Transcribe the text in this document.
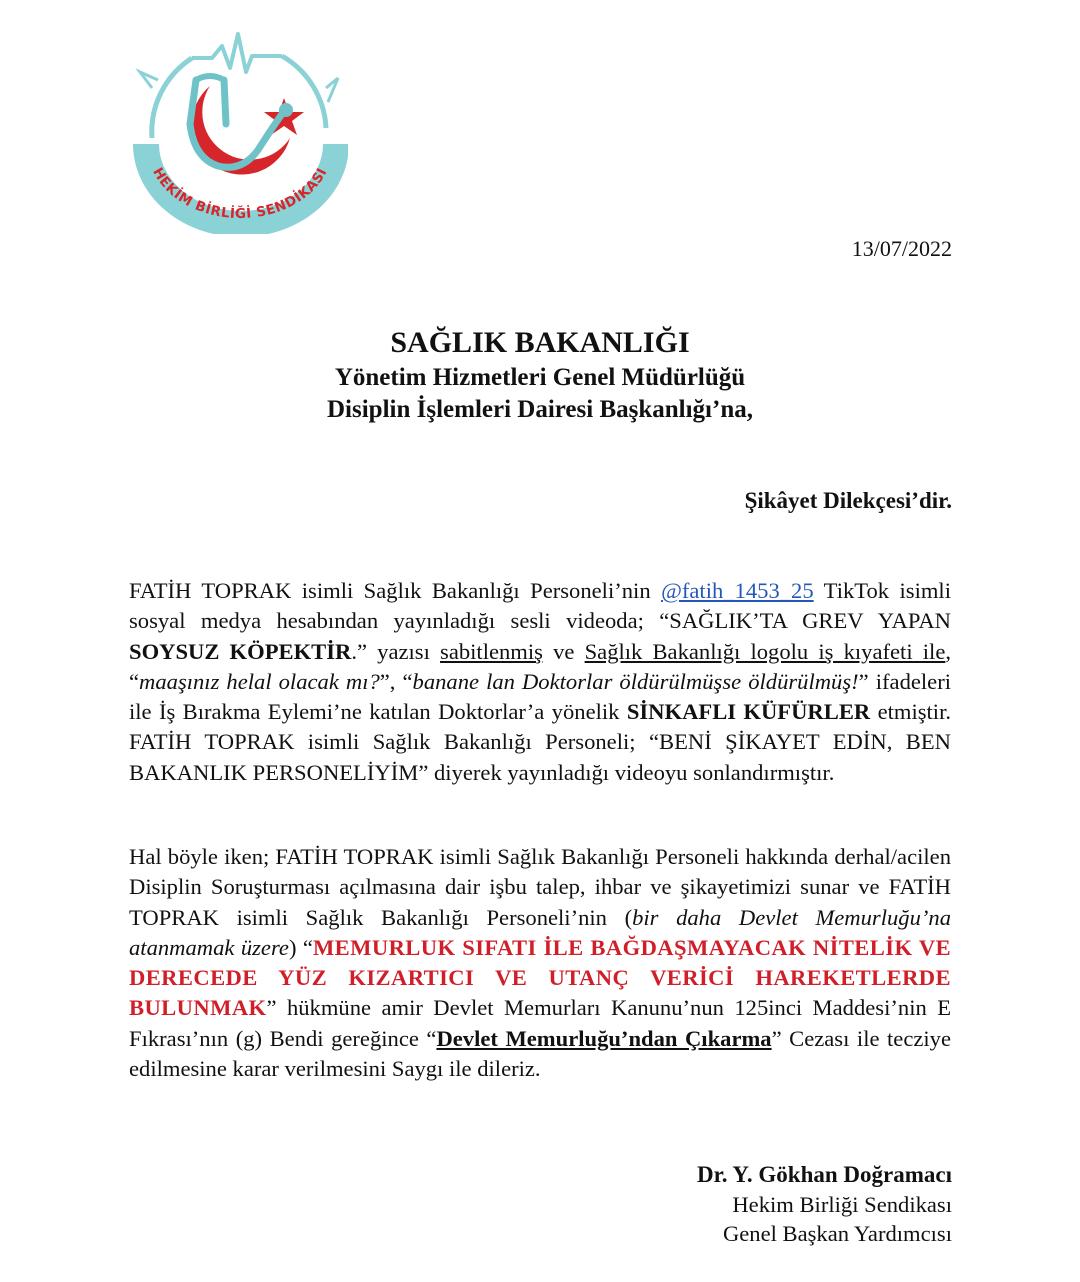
HEKİM BİRLİĞİ SENDİKASI
13/07/2022
SAĞLIK BAKANLIĞI
Yönetim Hizmetleri Genel Müdürlüğü
Disiplin İşlemleri Dairesi Başkanlığı’na,
Şikâyet Dilekçesi’dir.
FATİH TOPRAK isimli Sağlık Bakanlığı Personeli’nin @fatih_1453_25 TikTok isimli sosyal medya hesabından yayınladığı sesli videoda; “SAĞLIK’TA GREV YAPAN SOYSUZ KÖPEKTİR.” yazısı sabitlenmiş ve Sağlık Bakanlığı logolu iş kıyafeti ile, “maaşınız helal olacak mı?”, “banane lan Doktorlar öldürülmüşse öldürülmüş!” ifadeleri ile İş Bırakma Eylemi’ne katılan Doktorlar’a yönelik SİNKAFLI KÜFÜRLER etmiştir. FATİH TOPRAK isimli Sağlık Bakanlığı Personeli; “BENİ ŞİKAYET EDİN, BEN BAKANLIK PERSONELİYİM” diyerek yayınladığı videoyu sonlandırmıştır.
Hal böyle iken; FATİH TOPRAK isimli Sağlık Bakanlığı Personeli hakkında derhal/acilen Disiplin Soruşturması açılmasına dair işbu talep, ihbar ve şikayetimizi sunar ve FATİH TOPRAK isimli Sağlık Bakanlığı Personeli’nin (bir daha Devlet Memurluğu’na atanmamak üzere) “MEMURLUK SIFATI İLE BAĞDAŞMAYACAK NİTELİK VE DERECEDE YÜZ KIZARTICI VE UTANÇ VERİCİ HAREKETLERDE BULUNMAK” hükmüne amir Devlet Memurları Kanunu’nun 125inci Maddesi’nin E Fıkrası’nın (g) Bendi gereğince “Devlet Memurluğu’ndan Çıkarma” Cezası ile tecziye edilmesine karar verilmesini Saygı ile dileriz.
Dr. Y. Gökhan Doğramacı
Hekim Birliği Sendikası
Genel Başkan Yardımcısı
